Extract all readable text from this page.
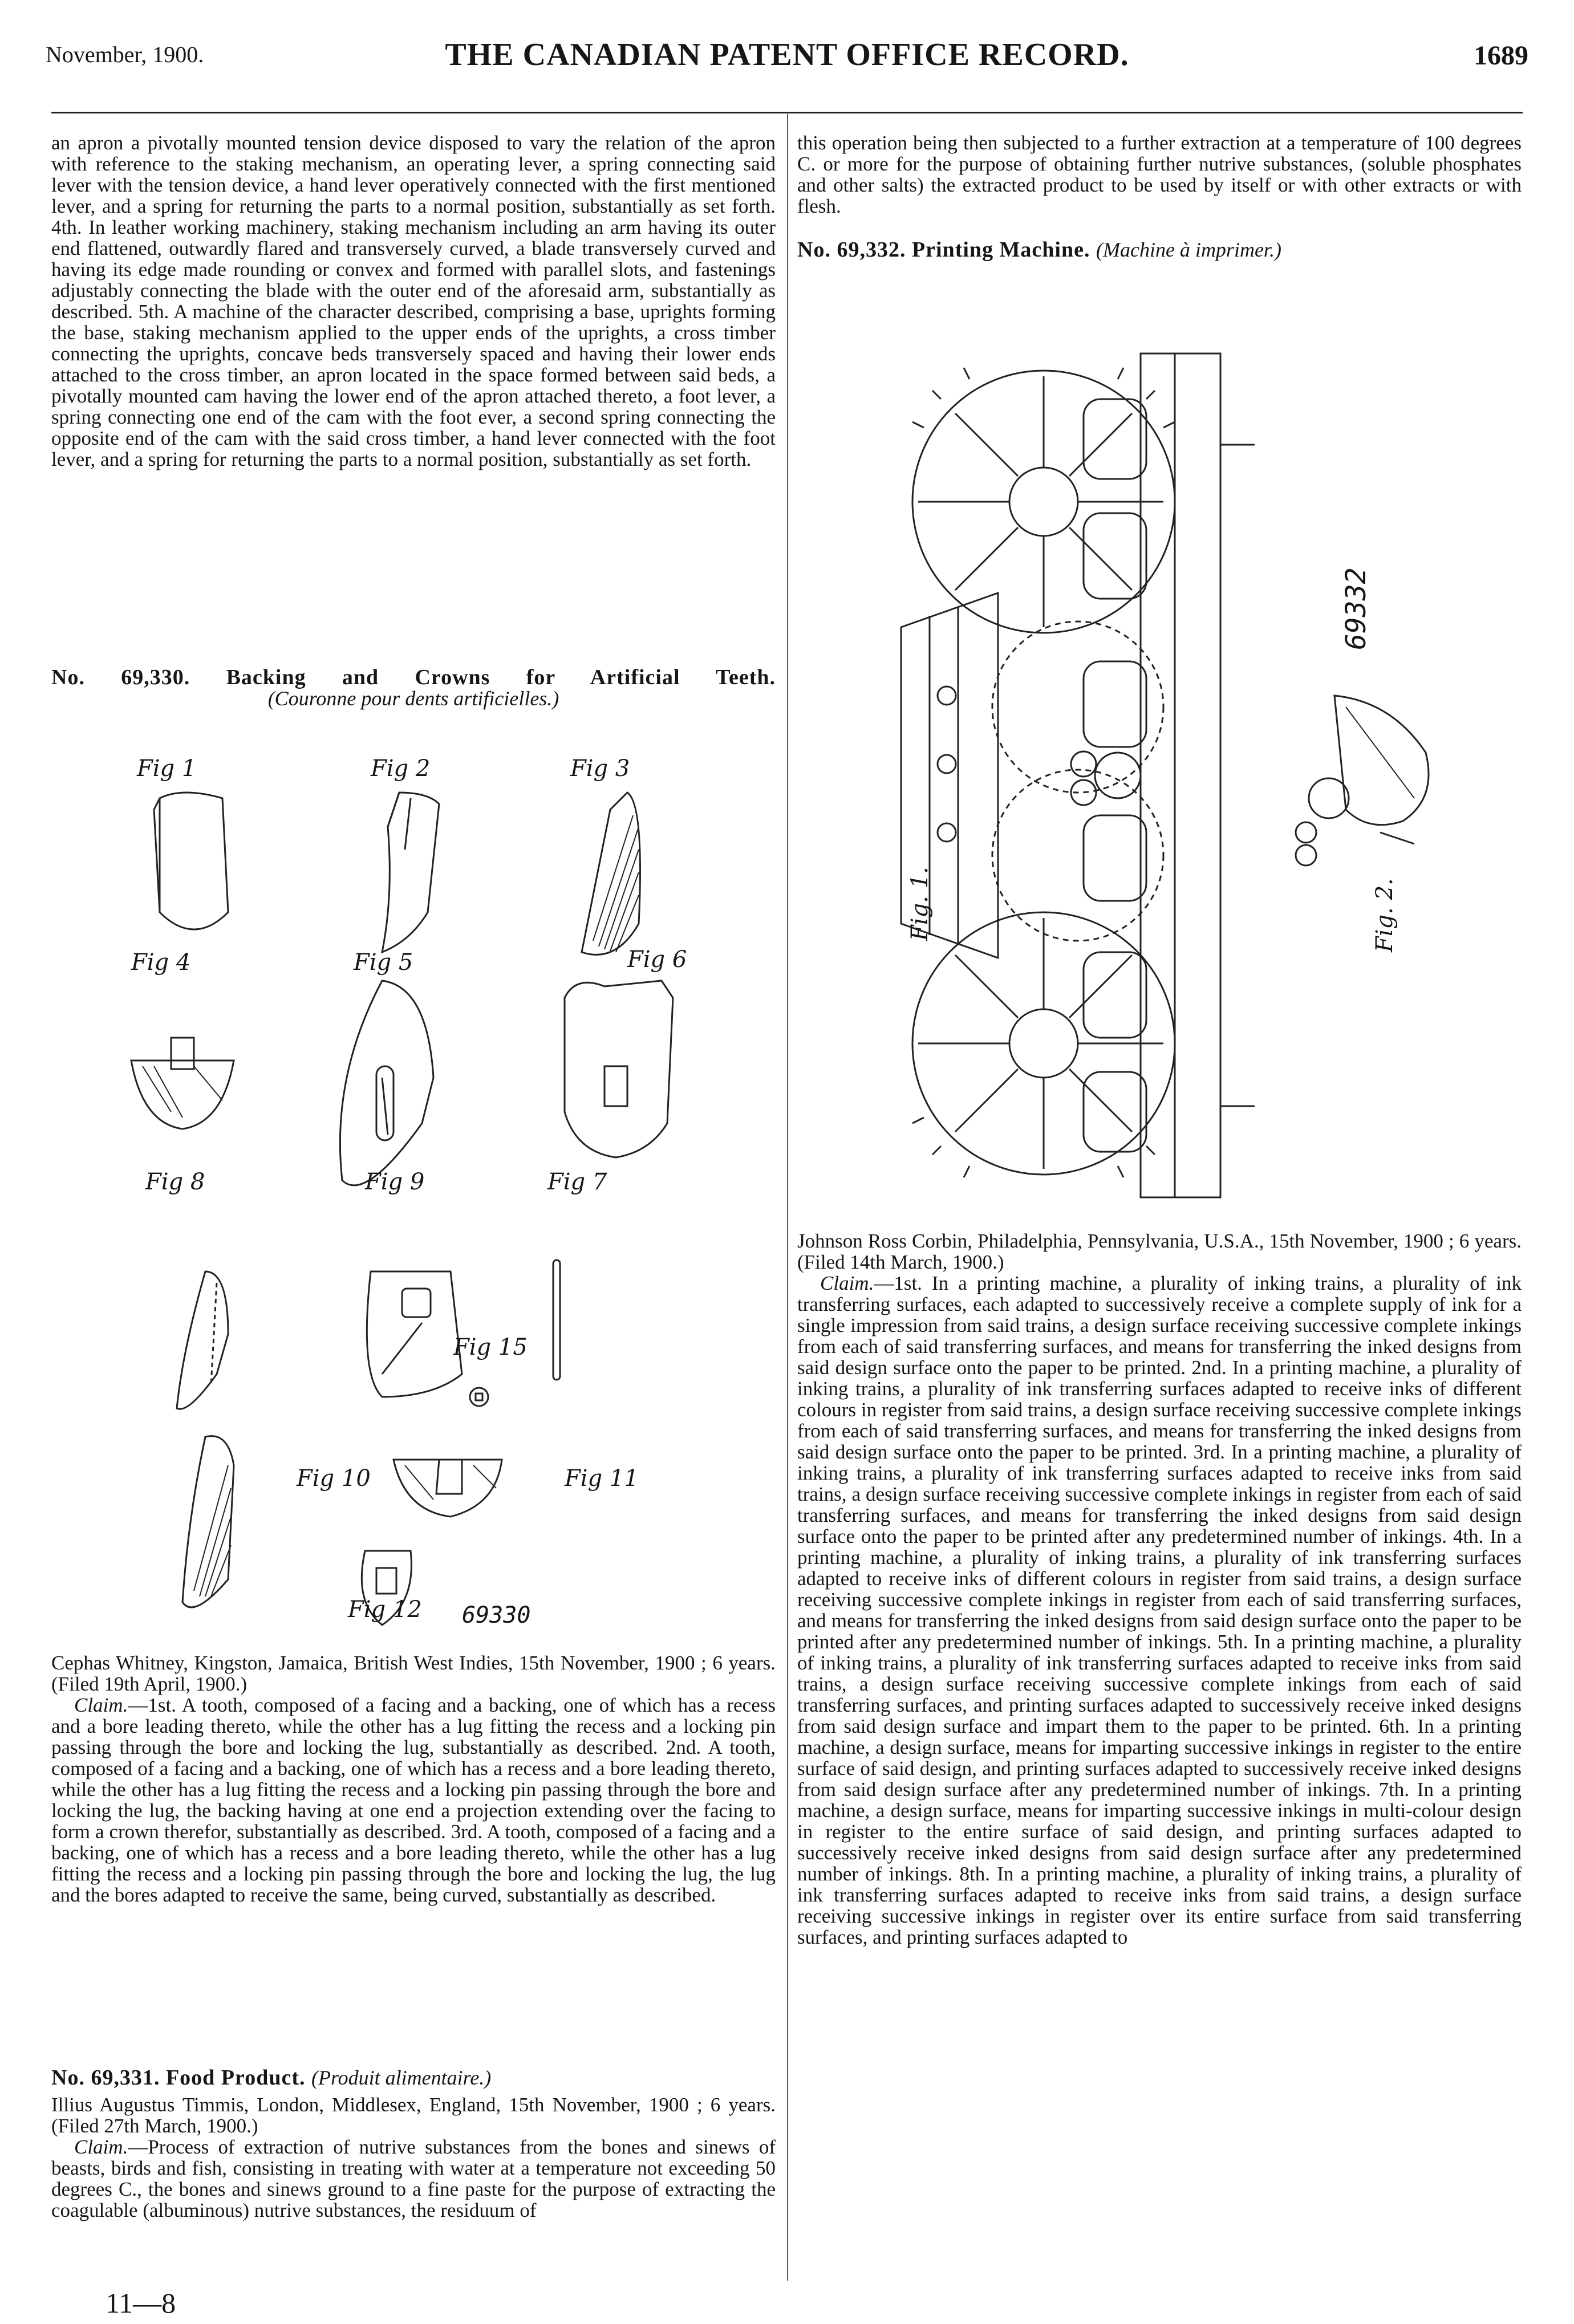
November, 1900.	THE CANADIAN PATENT OFFICE RECORD.	1689

an apron a pivotally mounted tension device disposed to vary the relation of the apron with reference to the staking mechanism, an operating lever, a spring connecting said lever with the tension device, a hand lever operatively connected with the first mentioned lever, and a spring for returning the parts to a normal position, substantially as set forth. 4th. In leather working machinery, staking mechanism including an arm having its outer end flattened, outwardly flared and transversely curved, a blade transversely curved and having its edge made rounding or convex and formed with parallel slots, and fastenings adjustably connecting the blade with the outer end of the aforesaid arm, substantially as described. 5th. A machine of the character described, comprising a base, uprights forming the base, staking mechanism applied to the upper ends of the uprights, a cross timber connecting the uprights, concave beds transversely spaced and having their lower ends attached to the cross timber, an apron located in the space formed between said beds, a pivotally mounted cam having the lower end of the apron attached thereto, a foot lever, a spring connecting one end of the cam with the foot ever, a second spring connecting the opposite end of the cam with the said cross timber, a hand lever connected with the foot lever, and a spring for returning the parts to a normal position, substantially as set forth.

No. 69,330. Backing and Crowns for Artificial Teeth.

(Couronne pour dents artificielles.)

Fig 1	Fig 2	Fig 3
Fig 4	Fig 5	Fig 6
Fig 8	Fig 9	Fig 7
Fig 15
Fig 10	Fig 11
Fig 12 69330

Cephas Whitney, Kingston, Jamaica, British West Indies, 15th November, 1900 ; 6 years. (Filed 19th April, 1900.)

Claim.—1st. A tooth, composed of a facing and a backing, one of which has a recess and a bore leading thereto, while the other has a lug fitting the recess and a locking pin passing through the bore and locking the lug, substantially as described. 2nd. A tooth, composed of a facing and a backing, one of which has a recess and a bore leading thereto, while the other has a lug fitting the recess and a locking pin passing through the bore and locking the lug, the backing having at one end a projection extending over the facing to form a crown therefor, substantially as described. 3rd. A tooth, composed of a facing and a backing, one of which has a recess and a bore leading thereto, while the other has a lug fitting the recess and a locking pin passing through the bore and locking the lug, the lug and the bores adapted to receive the same, being curved, substantially as described.

No. 69,331. Food Product. (Produit alimentaire.)

Illius Augustus Timmis, London, Middlesex, England, 15th November, 1900 ; 6 years. (Filed 27th March, 1900.)

Claim.—Process of extraction of nutrive substances from the bones and sinews of beasts, birds and fish, consisting in treating with water at a temperature not exceeding 50 degrees C., the bones and sinews ground to a fine paste for the purpose of extracting the coagulable (albuminous) nutrive substances, the residuum of

11—8

this operation being then subjected to a further extraction at a temperature of 100 degrees C. or more for the purpose of obtaining further nutrive substances, (soluble phosphates and other salts) the extracted product to be used by itself or with other extracts or with flesh.

No. 69,332. Printing Machine. (Machine à imprimer.)

Fig. 1.	Fig. 2.
69332

Johnson Ross Corbin, Philadelphia, Pennsylvania, U.S.A., 15th November, 1900 ; 6 years. (Filed 14th March, 1900.)

Claim.—1st. In a printing machine, a plurality of inking trains, a plurality of ink transferring surfaces, each adapted to successively receive a complete supply of ink for a single impression from said trains, a design surface receiving successive complete inkings from each of said transferring surfaces, and means for transferring the inked designs from said design surface onto the paper to be printed. 2nd. In a printing machine, a plurality of inking trains, a plurality of ink transferring surfaces adapted to receive inks of different colours in register from said trains, a design surface receiving successive complete inkings from each of said transferring surfaces, and means for transferring the inked designs from said design surface onto the paper to be printed. 3rd. In a printing machine, a plurality of inking trains, a plurality of ink transferring surfaces adapted to receive inks from said trains, a design surface receiving successive complete inkings in register from each of said transferring surfaces, and means for transferring the inked designs from said design surface onto the paper to be printed after any predetermined number of inkings. 4th. In a printing machine, a plurality of inking trains, a plurality of ink transferring surfaces adapted to receive inks of different colours in register from said trains, a design surface receiving successive complete inkings in register from each of said transferring surfaces, and means for transferring the inked designs from said design surface onto the paper to be printed after any predetermined number of inkings. 5th. In a printing machine, a plurality of inking trains, a plurality of ink transferring surfaces adapted to receive inks from said trains, a design surface receiving successive complete inkings from each of said transferring surfaces, and printing surfaces adapted to successively receive inked designs from said design surface and impart them to the paper to be printed. 6th. In a printing machine, a design surface, means for imparting successive inkings in register to the entire surface of said design, and printing surfaces adapted to successively receive inked designs from said design surface after any predetermined number of inkings. 7th. In a printing machine, a design surface, means for imparting successive inkings in multi-colour design in register to the entire surface of said design, and printing surfaces adapted to successively receive inked designs from said design surface after any predetermined number of inkings. 8th. In a printing machine, a plurality of inking trains, a plurality of ink transferring surfaces adapted to receive inks from said trains, a design surface receiving successive inkings in register over its entire surface from said transferring surfaces, and printing surfaces adapted to
